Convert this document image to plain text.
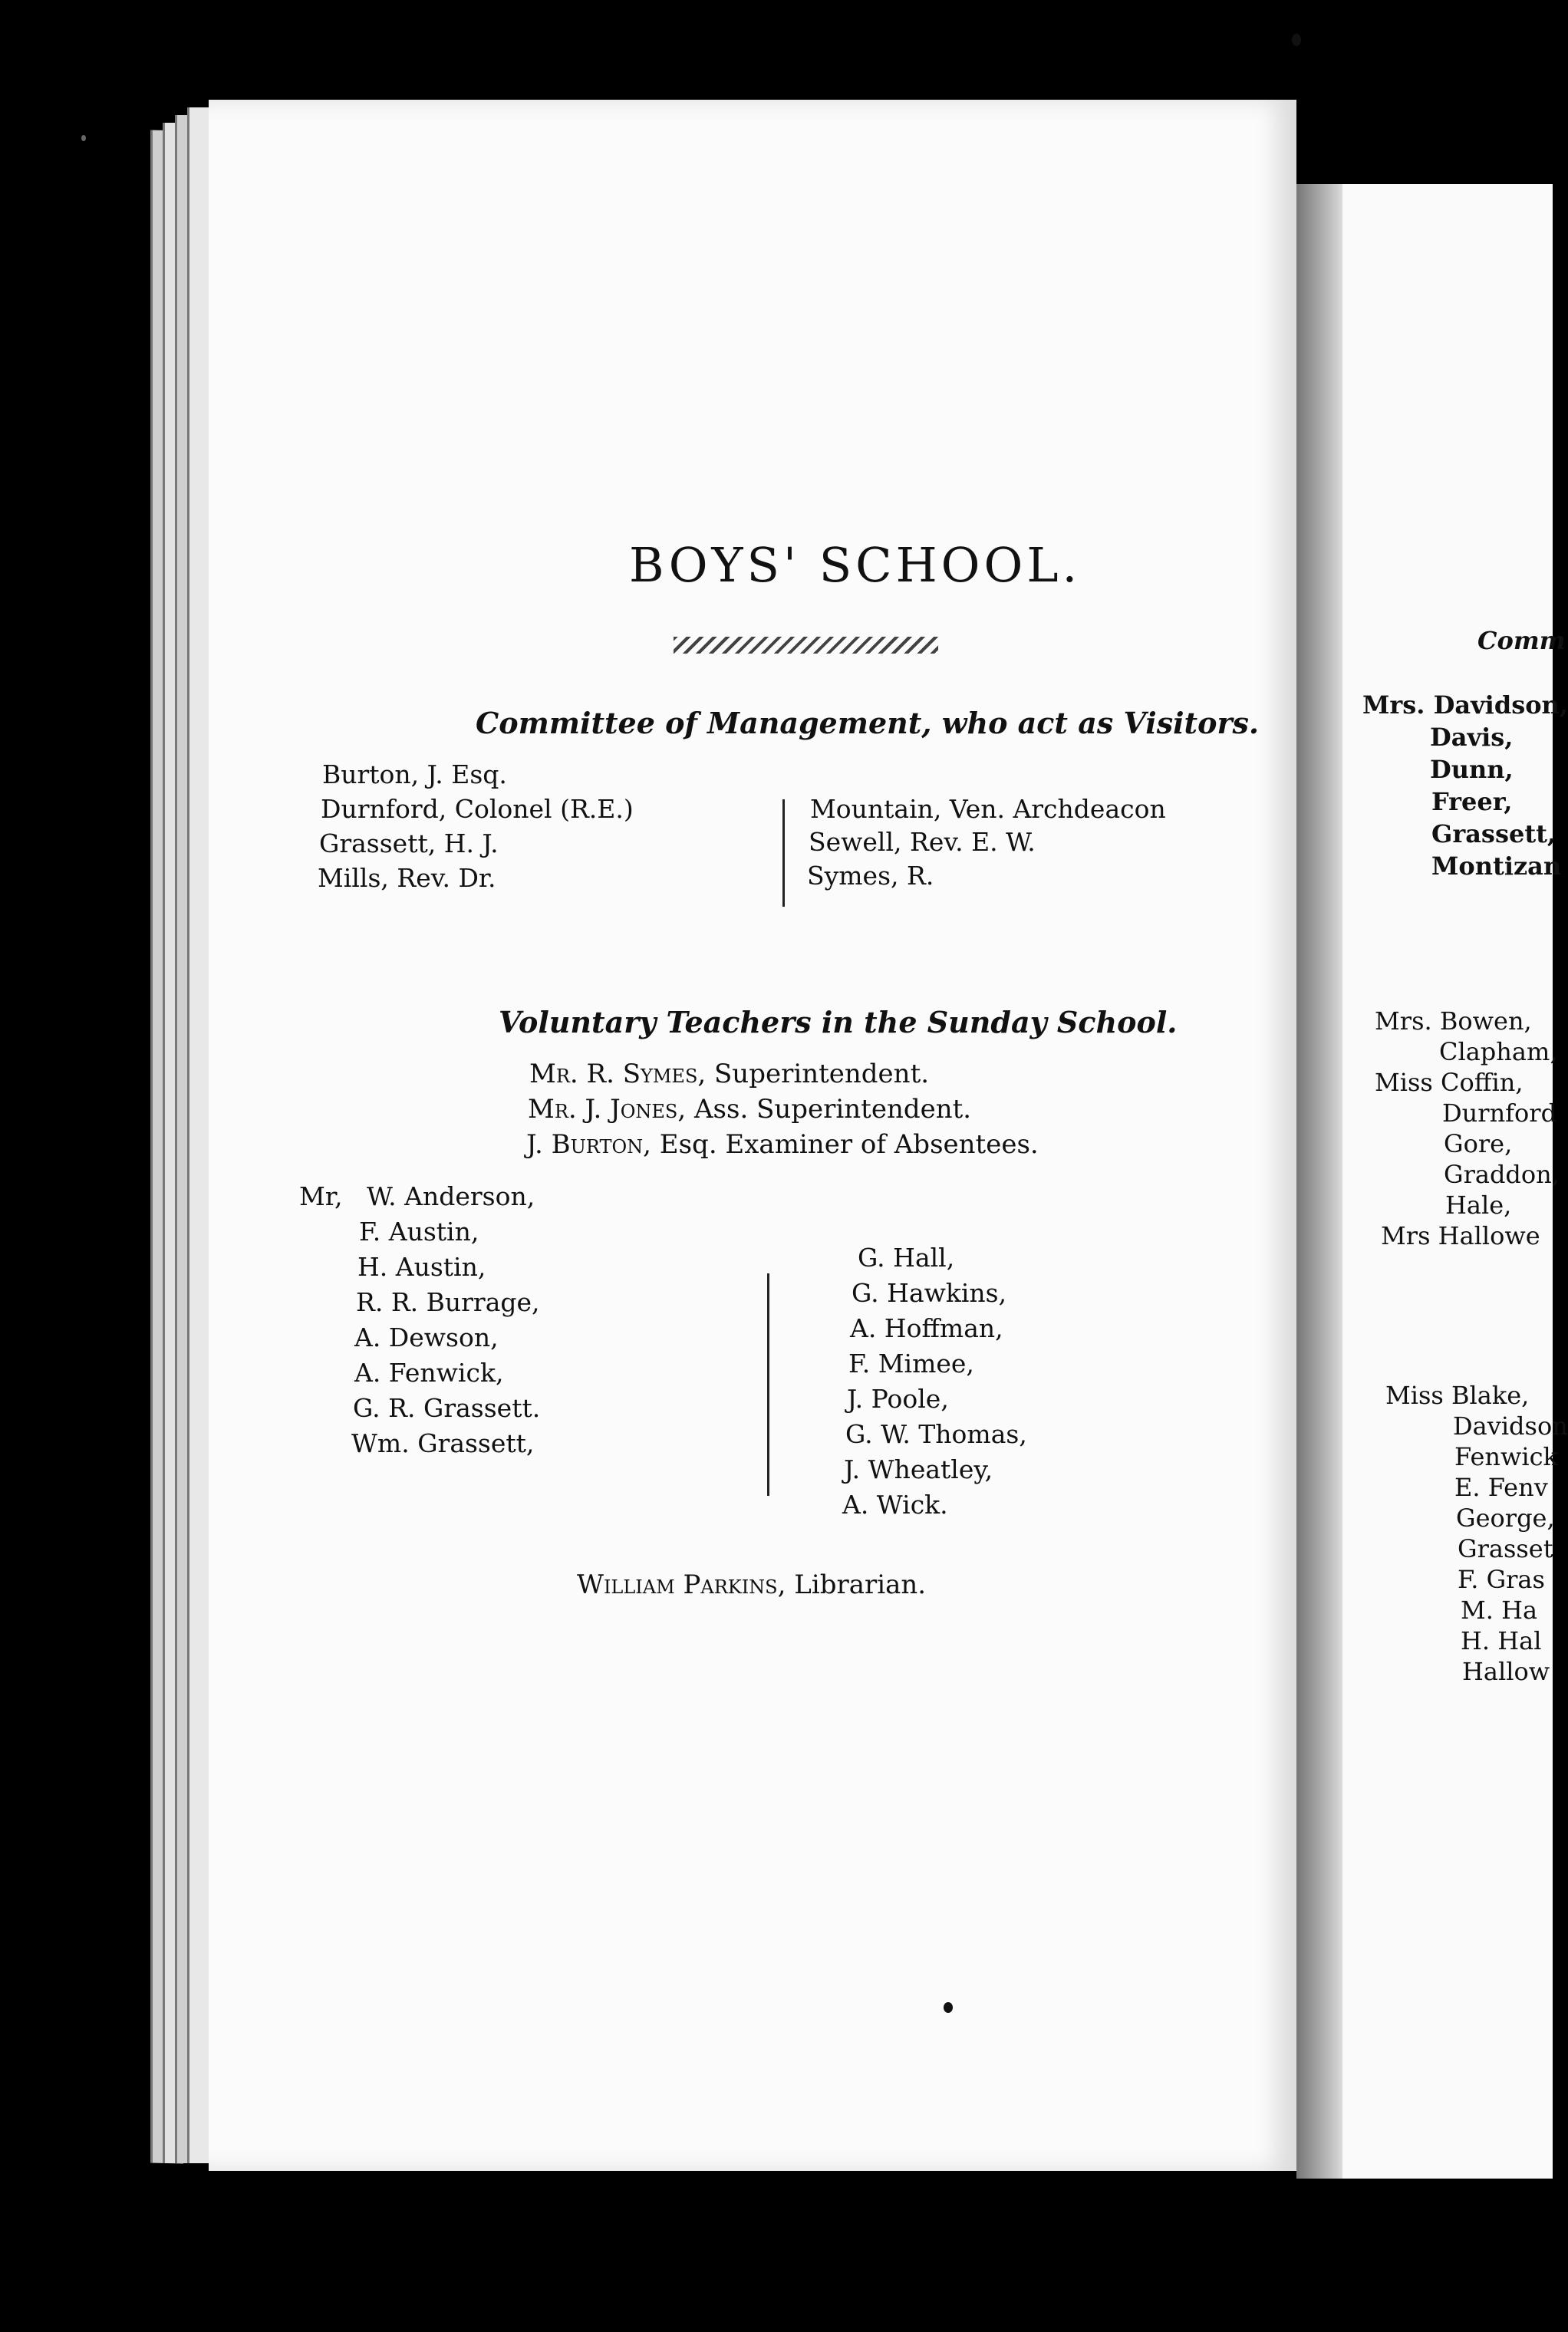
BOYS' SCHOOL.
Committee of Management, who act as Visitors.
Burton, J. Esq.
Durnford, Colonel (R.E.)
Grassett, H. J.
Mills, Rev. Dr.
Mountain, Ven. Archdeacon
Sewell, Rev. E. W.
Symes, R.
Voluntary Teachers in the Sunday School.
Mr. R. Symes, Superintendent.
Mr. J. Jones, Ass. Superintendent.
J. Burton, Esq. Examiner of Absentees.
Mr, W. Anderson,
F. Austin,
H. Austin,
R. R. Burrage,
A. Dewson,
A. Fenwick,
G. R. Grassett.
Wm. Grassett,
G. Hall,
G. Hawkins,
A. Hoffman,
F. Mimee,
J. Poole,
G. W. Thomas,
J. Wheatley,
A. Wick.
William Parkins, Librarian.
Comm
Mrs. Davidson,
Davis,
Dunn,
Freer,
Grassett,
Montizan
Mrs. Bowen,
Clapham,
Miss Coffin,
Durnford
Gore,
Graddon,
Hale,
Mrs Hallowe
Miss Blake,
Davidson
Fenwick
E. Fenv
George,
Grasset
F. Gras
M. Ha
H. Hal
Hallow
